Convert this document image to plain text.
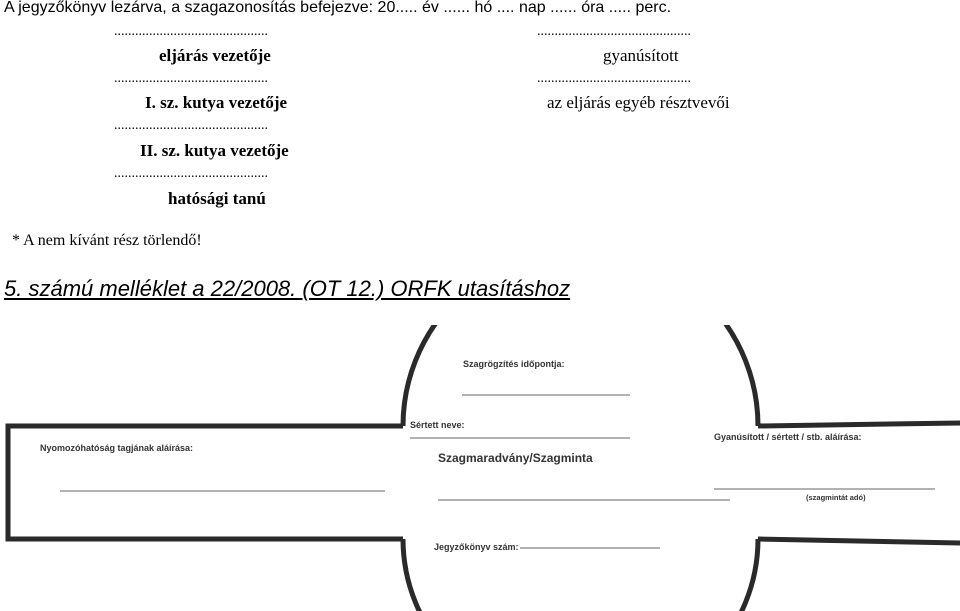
A jegyzőkönyv lezárva, a szagazonosítás befejezve: 20..... év ...... hó .... nap ...... óra ..... perc.
............................................
eljárás vezetője
............................................
I. sz. kutya vezetője
............................................
II. sz. kutya vezetője
............................................
hatósági tanú
............................................
gyanúsított
............................................
az eljárás egyéb résztvevői
* A nem kívánt rész törlendő!
5. számú melléklet a 22/2008. (OT 12.) ORFK utasításhoz
Szagrögzítés időpontja:
Sértett neve:
Nyomozóhatóság tagjának aláírása:
Gyanúsított / sértett / stb. aláírása:
Szagmaradvány/Szagminta
(szagmintát adó)
Jegyzőkönyv szám:
